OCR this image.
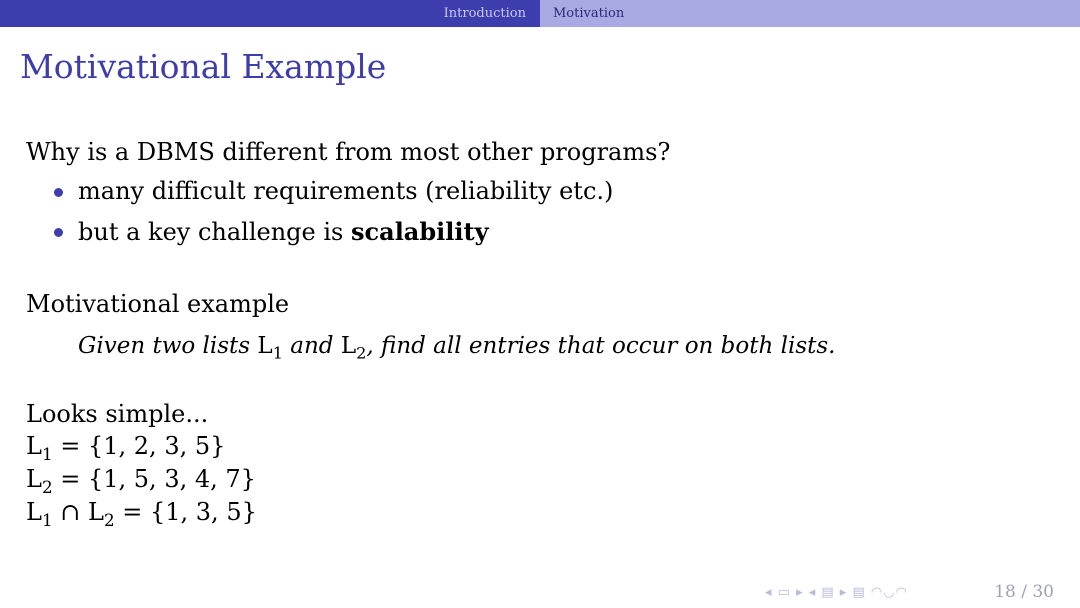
Introduction Motivation
Motivational Example
Why is a DBMS different from most other programs?
many difficult requirements (reliability etc.)
but a key challenge is scalability
Motivational example
Given two lists $L_1$ and $L_2$, find all entries that occur on both lists.
Looks simple...
$L_1 = \{1$, 2, 3, 5}
$L_2 = \{1$, 5, 3, 4, 7}
$L_1$ ∩ $L_2 = \{1$, 3, 5}
◂ ▭ ▸ ◂ ▤ ▸ ▤ ◠◡◠	18 / 30
